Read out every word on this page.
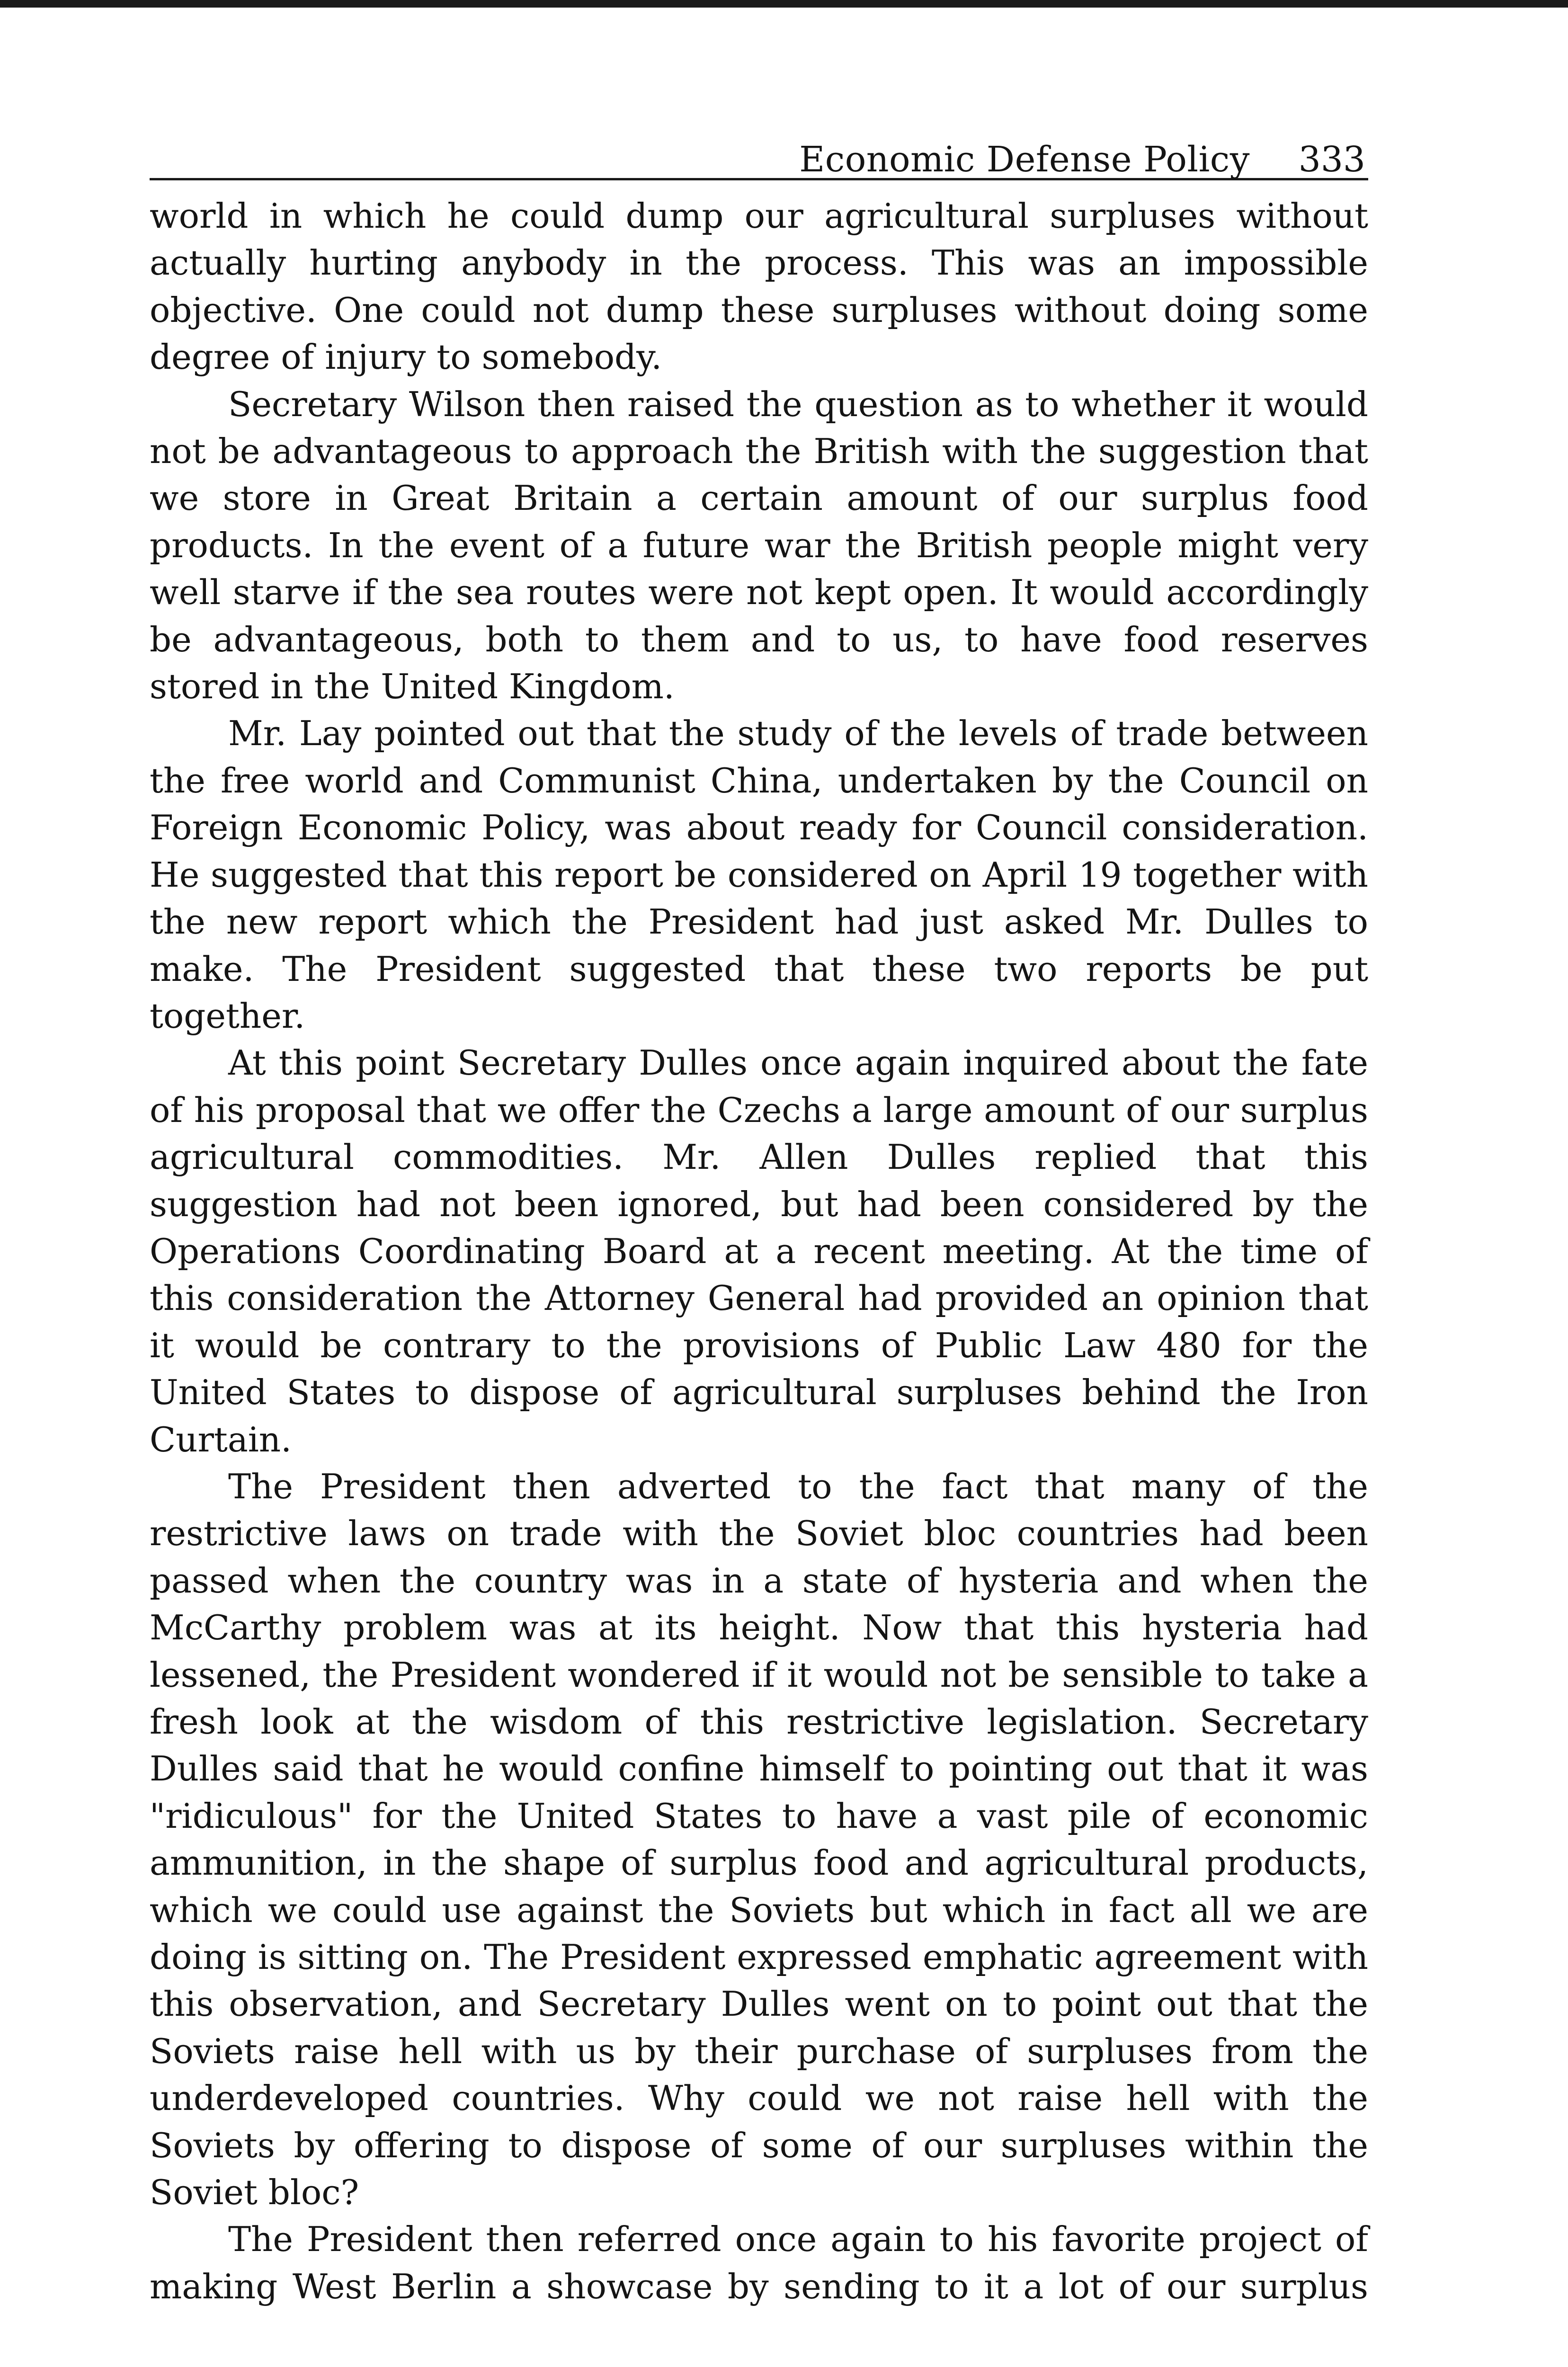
Economic Defense Policy 333

world in which he could dump our agricultural surpluses without actually hurting anybody in the process. This was an impossible objective. One could not dump these surpluses without doing some degree of injury to somebody.

Secretary Wilson then raised the question as to whether it would not be advantageous to approach the British with the suggestion that we store in Great Britain a certain amount of our surplus food products. In the event of a future war the British people might very well starve if the sea routes were not kept open. It would accordingly be advantageous, both to them and to us, to have food reserves stored in the United Kingdom.

Mr. Lay pointed out that the study of the levels of trade between the free world and Communist China, undertaken by the Council on Foreign Economic Policy, was about ready for Council consideration. He suggested that this report be considered on April 19 together with the new report which the President had just asked Mr. Dulles to make. The President suggested that these two reports be put together.

At this point Secretary Dulles once again inquired about the fate of his proposal that we offer the Czechs a large amount of our surplus agricultural commodities. Mr. Allen Dulles replied that this suggestion had not been ignored, but had been considered by the Operations Coordinating Board at a recent meeting. At the time of this consideration the Attorney General had provided an opinion that it would be contrary to the provisions of Public Law 480 for the United States to dispose of agricultural surpluses behind the Iron Curtain.

The President then adverted to the fact that many of the restrictive laws on trade with the Soviet bloc countries had been passed when the country was in a state of hysteria and when the McCarthy problem was at its height. Now that this hysteria had lessened, the President wondered if it would not be sensible to take a fresh look at the wisdom of this restrictive legislation. Secretary Dulles said that he would confine himself to pointing out that it was "ridiculous" for the United States to have a vast pile of economic ammunition, in the shape of surplus food and agricultural products, which we could use against the Soviets but which in fact all we are doing is sitting on. The President expressed emphatic agreement with this observation, and Secretary Dulles went on to point out that the Soviets raise hell with us by their purchase of surpluses from the underdeveloped countries. Why could we not raise hell with the Soviets by offering to dispose of some of our surpluses within the Soviet bloc?

The President then referred once again to his favorite project of making West Berlin a showcase by sending to it a lot of our surplus
